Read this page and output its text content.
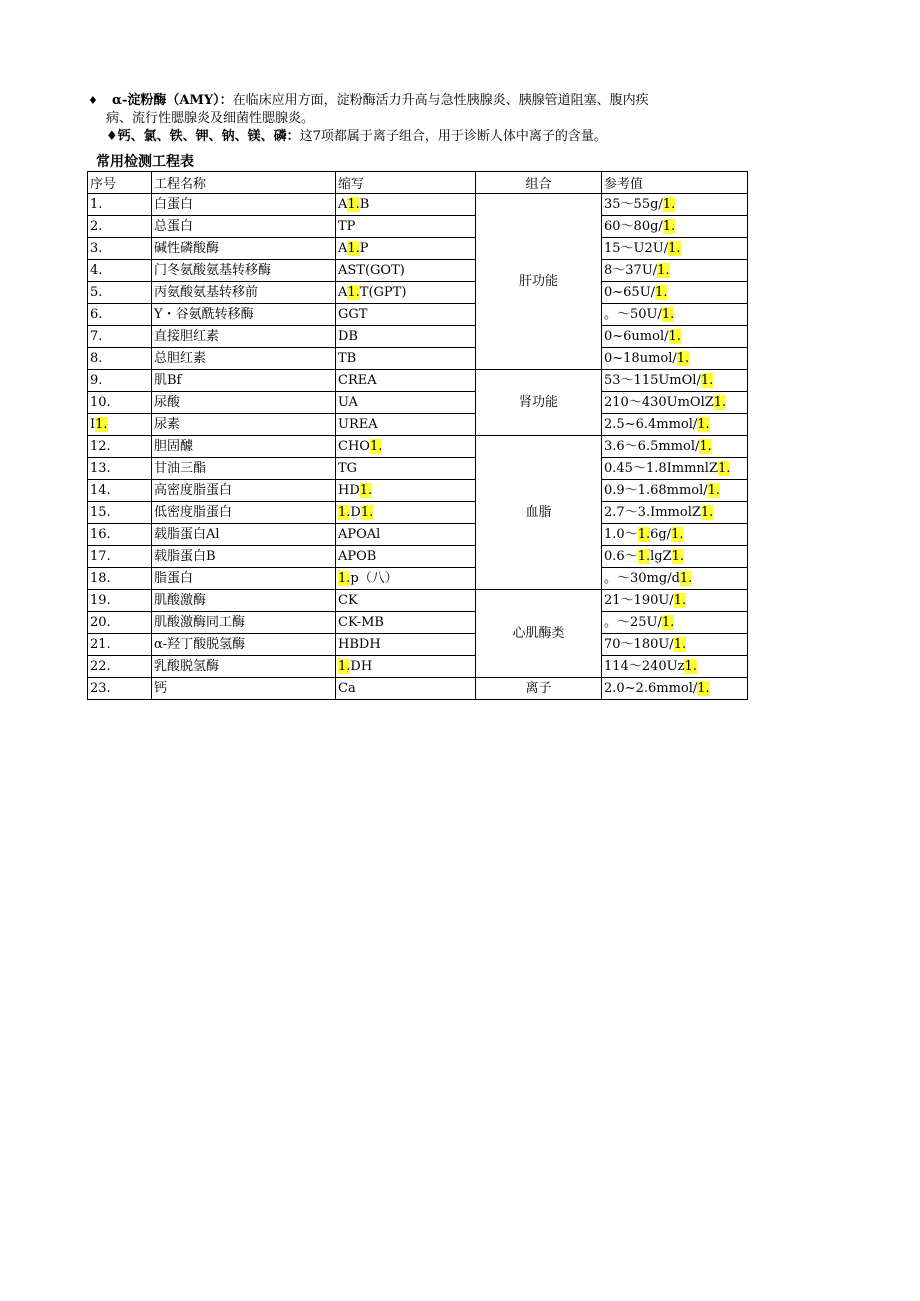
♦ α-淀粉酶（AMY）：在临床应用方面，淀粉酶活力升高与急性胰腺炎、胰腺管道阻塞、腹内疾
病、流行性腮腺炎及细菌性腮腺炎。
♦钙、氯、铁、钾、钠、镁、磷：这7项都属于离子组合，用于诊断人体中离子的含量。
常用检测工程表
序号	工程名称	缩写	组合	参考值
1.	白蛋白	A1.B	肝功能	35～55g/1.
2.	总蛋白	TP		60～80g/1.
3.	碱性磷酸酶	A1.P		15～U2U/1.
4.	门冬氨酸氨基转移酶	AST(GOT)		8～37U/1.
5.	丙氨酸氨基转移前	A1.T(GPT)		0~65U/1.
6.	Y・谷氨酰转移酶	GGT		。～50U/1.
7.	直接胆红素	DB		0~6umol/1.
8.	总胆红素	TB		0~18umol/1.
9.	肌Bf	CREA	肾功能	53～115UmOl/1.
10.	尿酸	UA		210～430UmOlZ1.
I1.	尿素	UREA		2.5~6.4mmol/1.
12.	胆固醵	CHO1.	血脂	3.6～6.5mmol/1.
13.	甘油三酯	TG		0.45～1.8ImmnlZ1.
14.	高密度脂蛋白	HD1.		0.9～1.68mmol/1.
15.	低密度脂蛋白	1.D1.		2.7～3.ImmolZ1.
16.	载脂蛋白Al	APOAl		1.0～1.6g/1.
17.	载脂蛋白B	APOB		0.6～1.lgZ1.
18.	脂蛋白	1.p（八）		。～30mg/d1.
19.	肌酸激酶	CK	心肌酶类	21～190U/1.
20.	肌酸激酶同工酶	CK-MB		。～25U/1.
21.	α-羟丁酸脱氢酶	HBDH		70～180U/1.
22.	乳酸脱氢酶	1.DH		114～240Uz1.
23.	钙	Ca	离子	2.0~2.6mmol/1.
